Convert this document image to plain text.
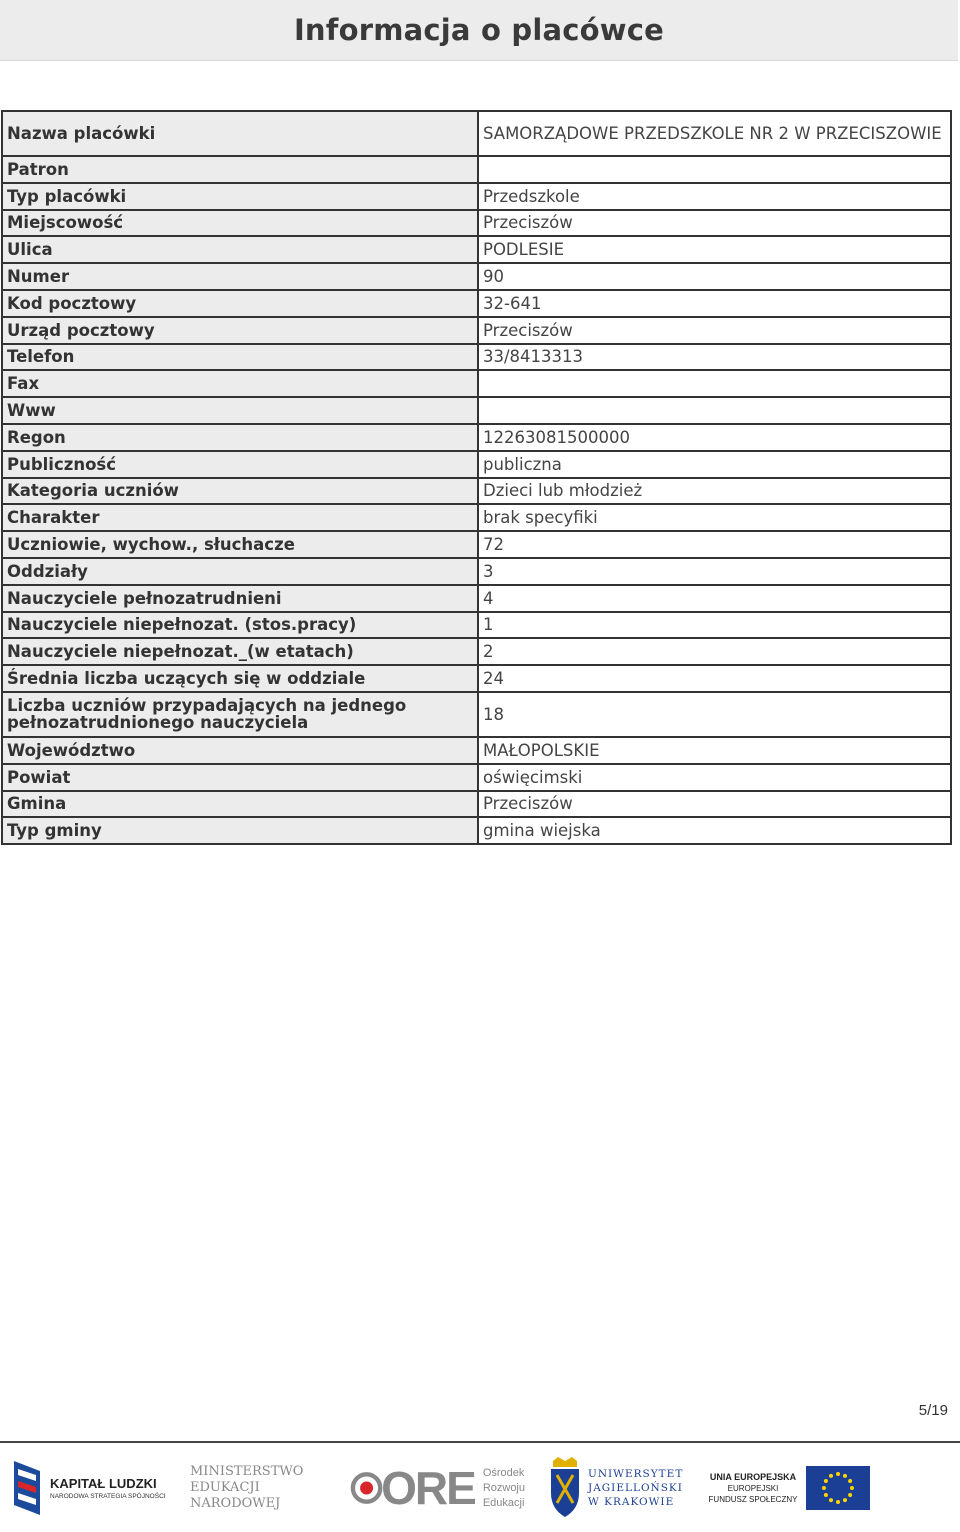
Informacja o placówce
Nazwa placówki	SAMORZĄDOWE PRZEDSZKOLE NR 2 W PRZECISZOWIE
Patron	
Typ placówki	Przedszkole
Miejscowość	Przeciszów
Ulica	PODLESIE
Numer	90
Kod pocztowy	32-641
Urząd pocztowy	Przeciszów
Telefon	33/8413313
Fax	
Www	
Regon	12263081500000
Publiczność	publiczna
Kategoria uczniów	Dzieci lub młodzież
Charakter	brak specyfiki
Uczniowie, wychow., słuchacze	72
Oddziały	3
Nauczyciele pełnozatrudnieni	4
Nauczyciele niepełnozat. (stos.pracy)	1
Nauczyciele niepełnozat._(w etatach)	2
Średnia liczba uczących się w oddziale	24
Liczba uczniów przypadających na jednego pełnozatrudnionego nauczyciela	18
Województwo	MAŁOPOLSKIE
Powiat	oświęcimski
Gmina	Przeciszów
Typ gminy	gmina wiejska
5/19
KAPITAŁ LUDZKI
NARODOWA STRATEGIA SPÓJNOŚCI
MINISTERSTWO
EDUKACJI
NARODOWEJ ORE Ośrodek
Rozwoju
Edukacji
UNIWERSYTET
JAGIELLOŃSKI
W KRAKOWIE
UNIA EUROPEJSKA
EUROPEJSKI
FUNDUSZ SPOŁECZNY
